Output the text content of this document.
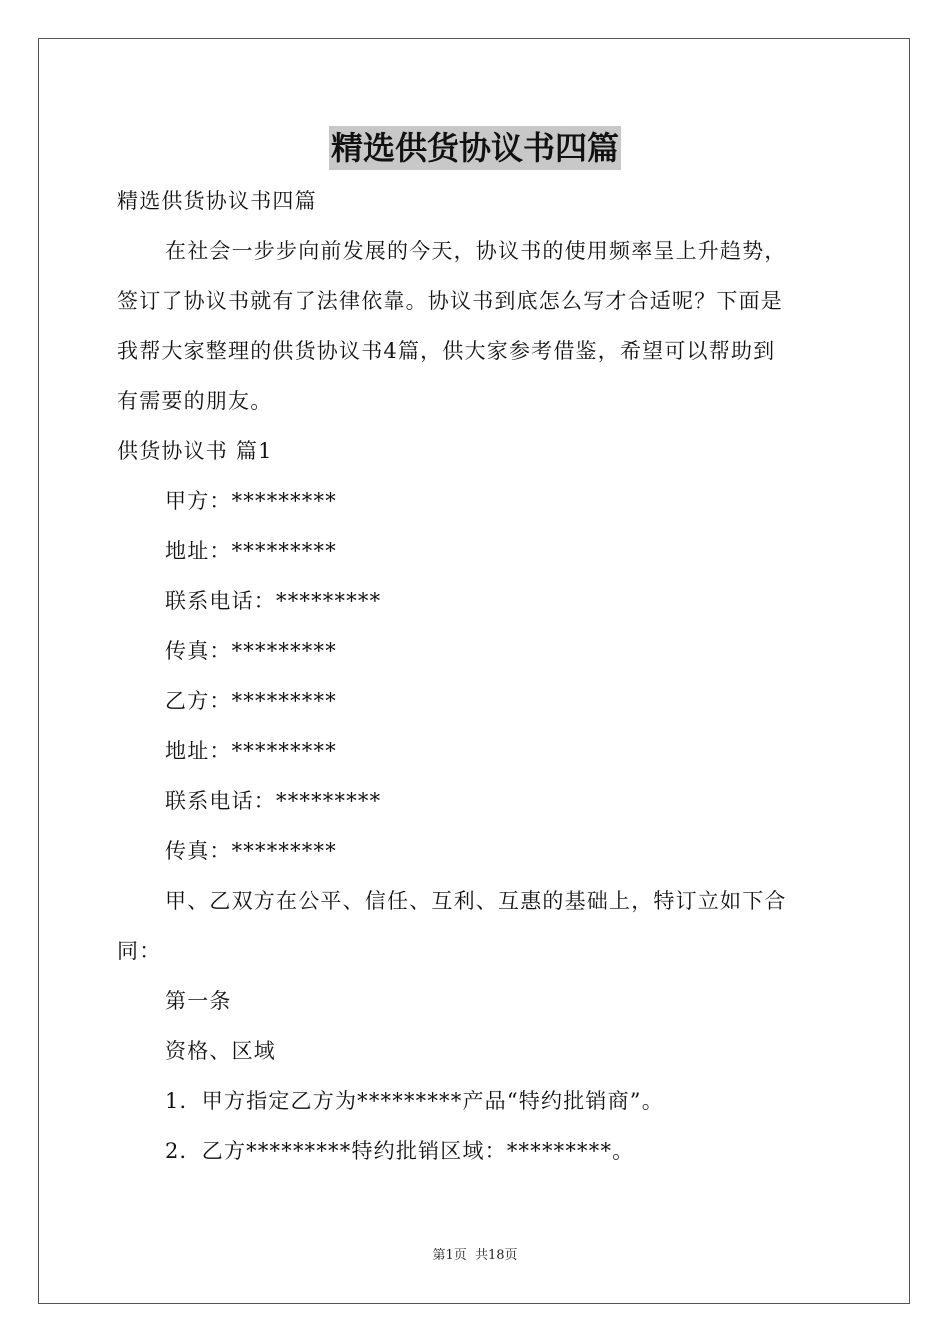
精选供货协议书四篇
精选供货协议书四篇
在社会一步步向前发展的今天，协议书的使用频率呈上升趋势，
签订了协议书就有了法律依靠。协议书到底怎么写才合适呢？下面是
我帮大家整理的供货协议书4篇，供大家参考借鉴，希望可以帮助到
有需要的朋友。
供货协议书 篇1
甲方：*********
地址：*********
联系电话：*********
传真：*********
乙方：*********
地址：*********
联系电话：*********
传真：*********
甲、乙双方在公平、信任、互利、互惠的基础上，特订立如下合
同：
第一条
资格、区域
1．甲方指定乙方为*********产品“特约批销商”。
2．乙方*********特约批销区域：*********。
第1页 共18页
